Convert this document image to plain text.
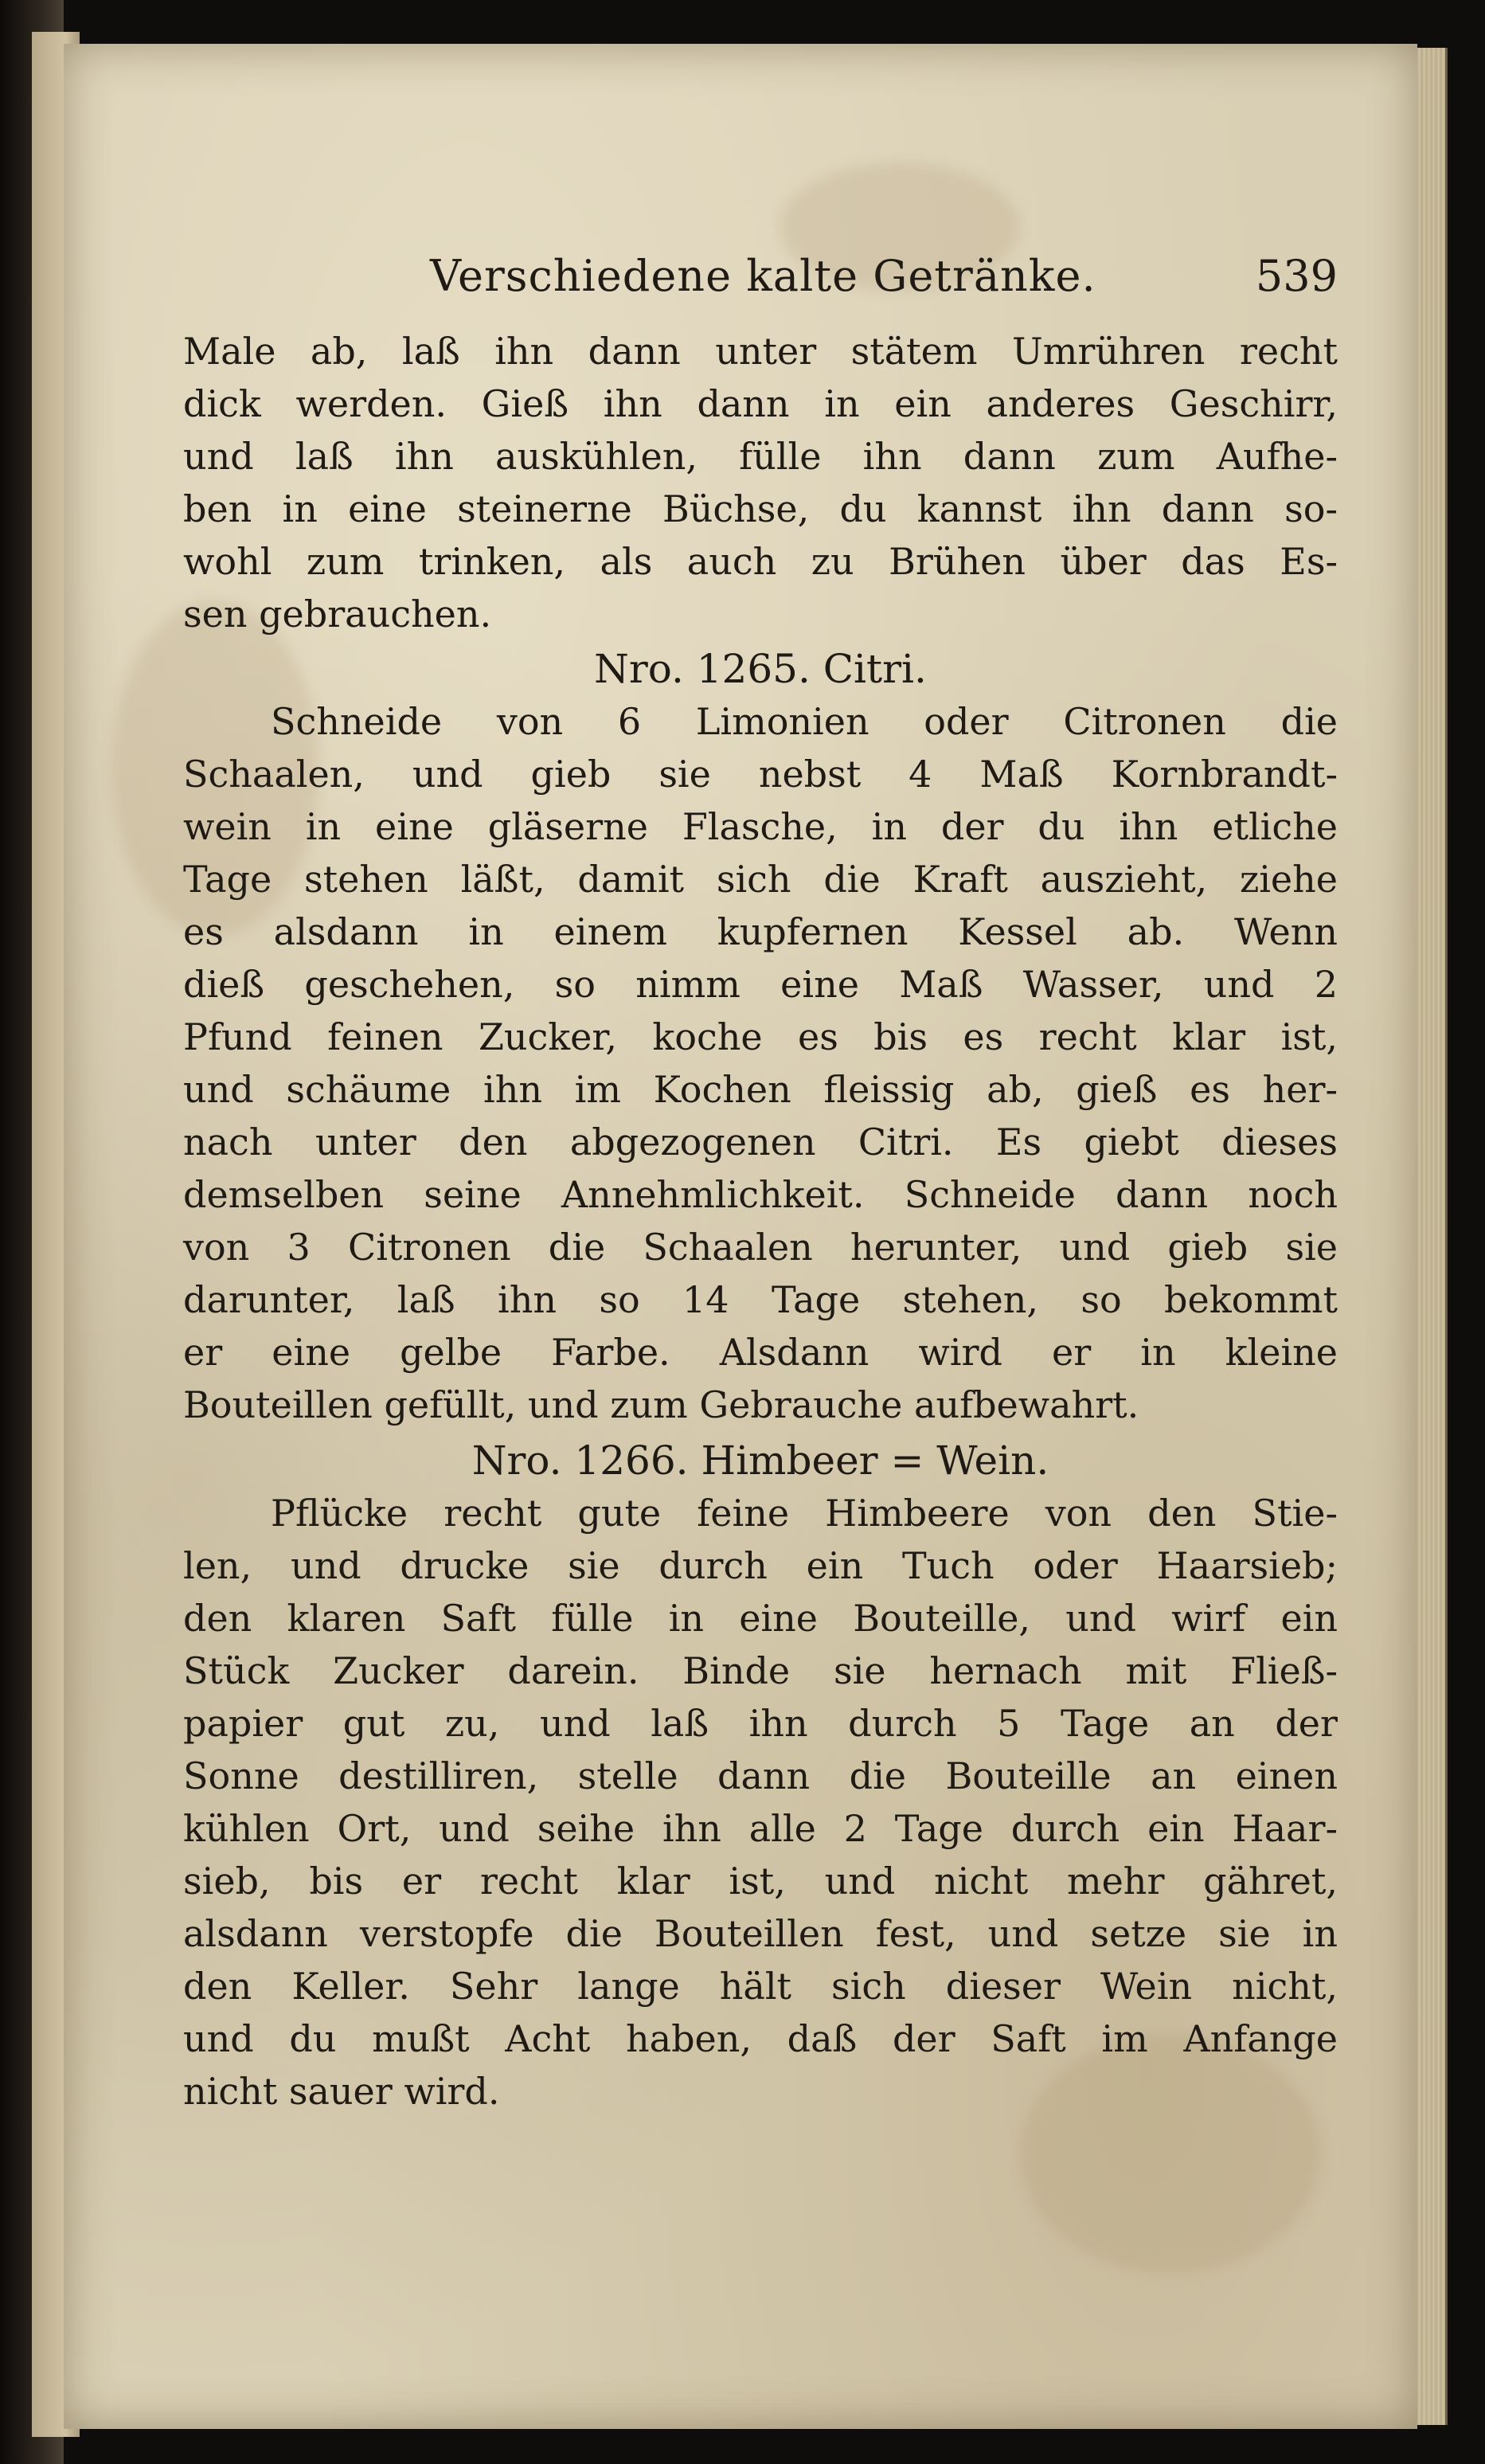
Verschiedene kalte Getränke.	539
Male ab, laß ihn dann unter stätem Umrühren recht
dick werden. Gieß ihn dann in ein anderes Geschirr,
und laß ihn auskühlen, fülle ihn dann zum Aufhe-
ben in eine steinerne Büchse, du kannst ihn dann so-
wohl zum trinken, als auch zu Brühen über das Es-
sen gebrauchen.
Nro. 1265. Citri.
Schneide von 6 Limonien oder Citronen die
Schaalen, und gieb sie nebst 4 Maß Kornbrandt-
wein in eine gläserne Flasche, in der du ihn etliche
Tage stehen läßt, damit sich die Kraft auszieht, ziehe
es alsdann in einem kupfernen Kessel ab. Wenn
dieß geschehen, so nimm eine Maß Wasser, und 2
Pfund feinen Zucker, koche es bis es recht klar ist,
und schäume ihn im Kochen fleissig ab, gieß es her-
nach unter den abgezogenen Citri. Es giebt dieses
demselben seine Annehmlichkeit. Schneide dann noch
von 3 Citronen die Schaalen herunter, und gieb sie
darunter, laß ihn so 14 Tage stehen, so bekommt
er eine gelbe Farbe. Alsdann wird er in kleine
Bouteillen gefüllt, und zum Gebrauche aufbewahrt.
Nro. 1266. Himbeer = Wein.
Pflücke recht gute feine Himbeere von den Stie-
len, und drucke sie durch ein Tuch oder Haarsieb;
den klaren Saft fülle in eine Bouteille, und wirf ein
Stück Zucker darein. Binde sie hernach mit Fließ-
papier gut zu, und laß ihn durch 5 Tage an der
Sonne destilliren, stelle dann die Bouteille an einen
kühlen Ort, und seihe ihn alle 2 Tage durch ein Haar-
sieb, bis er recht klar ist, und nicht mehr gähret,
alsdann verstopfe die Bouteillen fest, und setze sie in
den Keller. Sehr lange hält sich dieser Wein nicht,
und du mußt Acht haben, daß der Saft im Anfange
nicht sauer wird.
